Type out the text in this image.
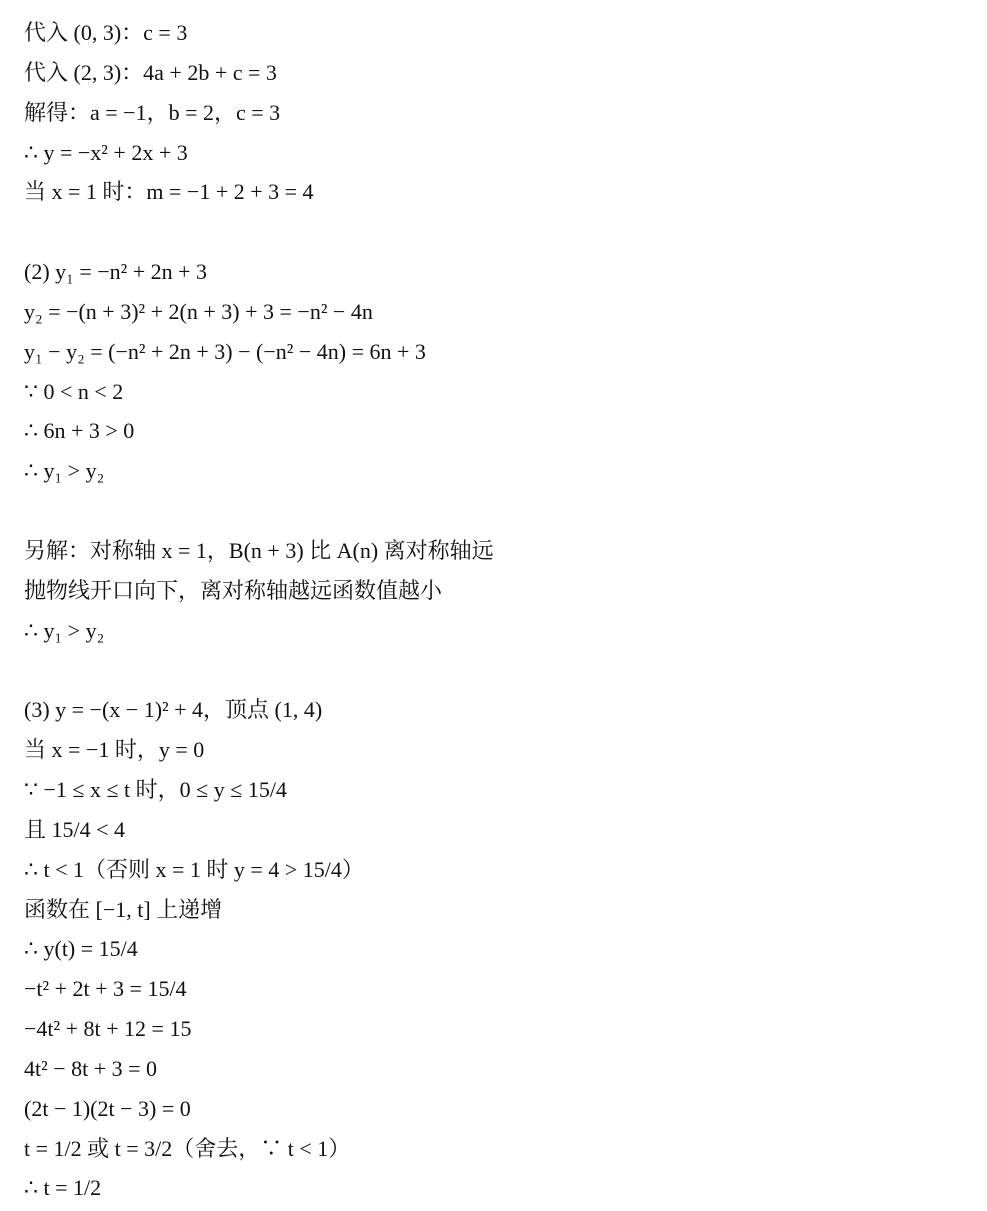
代入 (0, 3)：c = 3
代入 (2, 3)：4a + 2b + c = 3
解得：a = −1，b = 2，c = 3
∴ y = −x² + 2x + 3
当 x = 1 时：m = −1 + 2 + 3 = 4
(2) y₁ = −n² + 2n + 3
y₂ = −(n + 3)² + 2(n + 3) + 3 = −n² − 4n
y₁ − y₂ = (−n² + 2n + 3) − (−n² − 4n) = 6n + 3
∵ 0 < n < 2
∴ 6n + 3 > 0
∴ y₁ > y₂
另解：对称轴 x = 1，B(n + 3) 比 A(n) 离对称轴远
抛物线开口向下，离对称轴越远函数值越小
∴ y₁ > y₂
(3) y = −(x − 1)² + 4，顶点 (1, 4)
当 x = −1 时，y = 0
∵ −1 ≤ x ≤ t 时，0 ≤ y ≤ 15/4
且 15/4 < 4
∴ t < 1（否则 x = 1 时 y = 4 > 15/4）
函数在 [−1, t] 上递增
∴ y(t) = 15/4
−t² + 2t + 3 = 15/4
−4t² + 8t + 12 = 15
4t² − 8t + 3 = 0
(2t − 1)(2t − 3) = 0
t = 1/2 或 t = 3/2（舍去，∵ t < 1）
∴ t = 1/2
